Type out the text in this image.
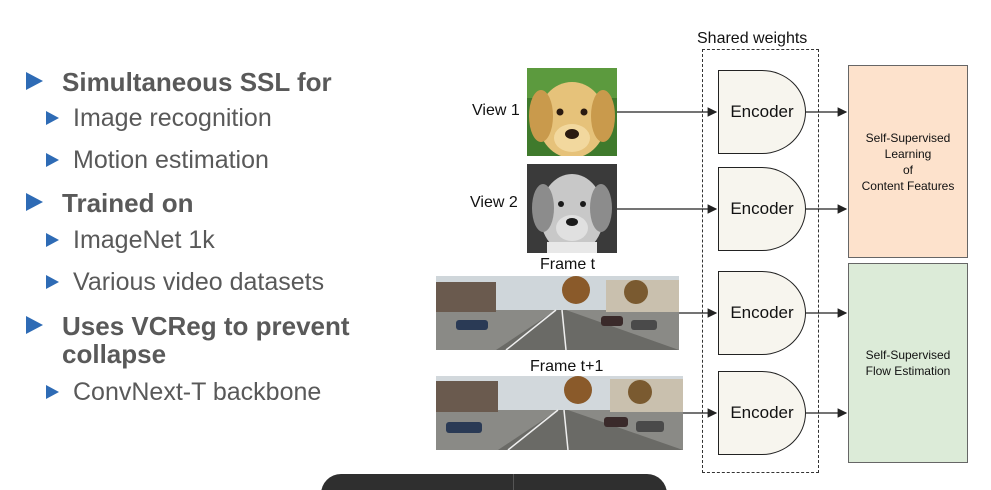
Simultaneous SSL for
Image recognition
Motion estimation
Trained on
ImageNet 1k
Various video datasets
Uses VCReg to prevent collapse
ConvNext-T backbone
Shared weights
View 1
View 2
Frame t
Frame t+1
Encoder
Encoder
Encoder
Encoder
Self-Supervised
Learning
of
Content Features
Self-Supervised
Flow Estimation
